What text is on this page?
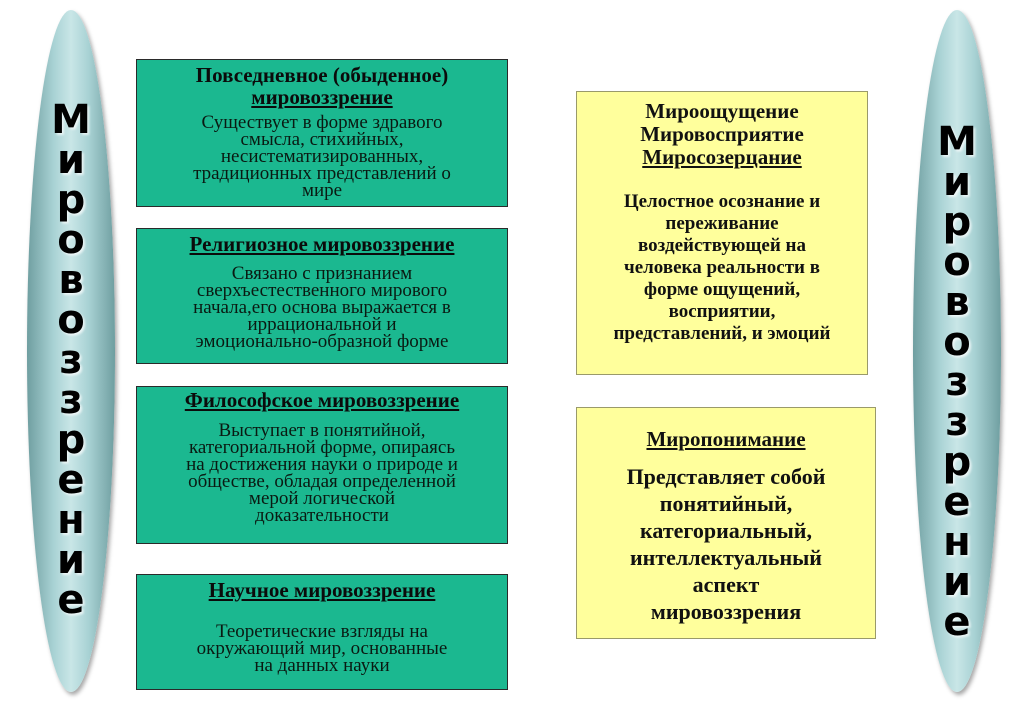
М
и
р
о
в
о
з
з
р
е
н
и
е
М
и
р
о
в
о
з
з
р
е
н
и
е
Повседневное (обыденное)
мировоззрение
Существует в форме здравого
смысла, стихийных,
несистематизированных,
традиционных представлений о
мире
Религиозное мировоззрение
Связано с признанием
сверхъестественного мирового
начала,его основа выражается в
иррациональной и
эмоционально-образной форме
Философское мировоззрение
Выступает в понятийной,
категориальной форме, опираясь
на достижения науки о природе и
обществе, обладая определенной
мерой логической
доказательности
Научное мировоззрение
Теоретические взгляды на
окружающий мир, основанные
на данных науки
Мироощущение
Мировосприятие
Миросозерцание
Целостное осознание и
переживание
воздействующей на
человека реальности в
форме ощущений,
восприятии,
представлений, и эмоций
Миропонимание
Представляет собой
понятийный,
категориальный,
интеллектуальный
аспект
мировоззрения
